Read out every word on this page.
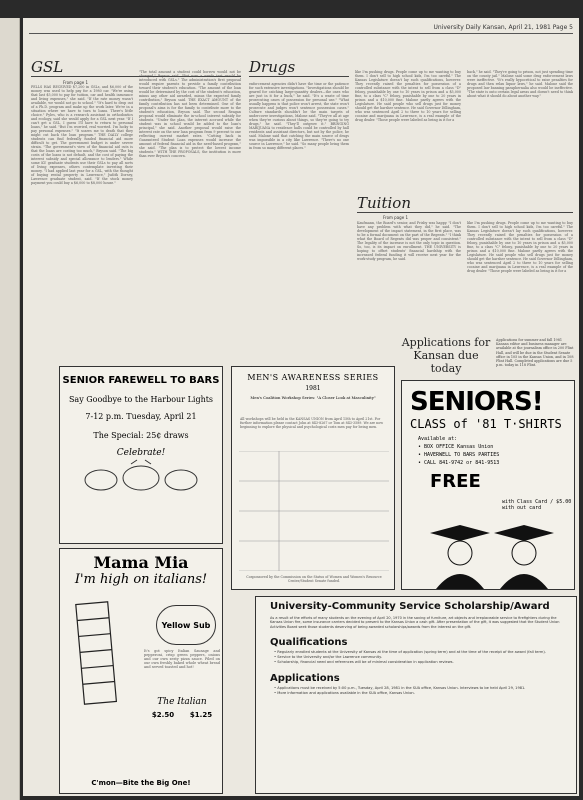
University Daily Kansan, April 21, 1981 Page 5
GSL
From page 1
PELLS HAS RECEIVED $7,200 in GSLs, and $6,000 of the money was used to help pay for a 1980 car. "We're using that last $5,000 to pay for tuition, car and health insurance and living expenses," she said. "If the rate money wasn't available, we would not go to school." "It's hard to drop out of a Ph.D. program and make up the work later. We're in a situation where we have to turn to loans. There's little choice." Pyles, who is a research assistant in orthodontics and ecology, said she would apply for a GSL next year. "If I can't get a GSL, I guess I'll have to return to personal loans," he said. "But I'm worried, real worried. I'm lucky to pay personal expenses." "It scares me to death that they might cut back the loan program." THE DAILY college students can find federally funded financial aid more difficult to get. The government budget is under severe strain. "The government's view of the financial aid cuts is that the loans are costing too much," Bryson said. "The big costs of the loans is not default, and the cost of paying the interest subsidy and special allowance to lenders." While some KU graduate students use their GSLs to pay all sorts of living expenses, others contemplate investing their money. "I had applied last year for a GSL, with the thought of buying rental property in Lawrence," Judith Dorsey, Lawrence graduate student, said. "If the stock money payment you could buy a $6,000 to $8,000 house."
"The total amount a student could borrow would not be changed," Bryson said. "But now a needs test would be introduced with GSLs." The administration's first proposal would require parents to provide a family contribution toward their student's education. "The amount of the loan would be determined by the cost of the student's education, minus any other aid awarded, minus the expected family contribution," Bryson said. THE EXACT AMOUNT of the family contribution has not been determined. One of the proposal's aims is for the family to contribute more to the student's education, Bryson said. The second Reagan proposal would eliminate the in-school interest subsidy for students. "Under the plan, the interest accrued while the student was in school would be added to the loan's principal," she said. Another proposal would raise the interest rate on the new loan program from 9 percent to one reflecting current market rates. "Cutting back in Guaranteed Student Loan expenses would increase the amount of federal financial aid in the need-based program," she said. "The plan is to protect the lowest income students." WITH THE PROPOSALS, the institution is more than ever Bryson's concern.
Drugs
enforcement agencies didn't have the time or the patience for such extensive investigations. "Investigations should be geared for catching large-quantity dealers—the ones who are just in it for a buck," he said. "It's a waste of time prosecuting cases of possession for personal use." "What usually happens is that police won't arrest, the state won't prosecute and judges won't sentence possession cases." Culture standards shouldn't be the main targets of undercover investigations, Malone said. "They're all at age when they're curious about things, so they're going to try drugs," he said. "They'll outgrow it." BRINGING MARIJUANA to residence halls could be controlled by hall residents and assistant directors, but not by the police, he said. Malone said that catching the main source of drugs was impossible in a city like Lawrence. "There's no one source in Lawrence," he said. "So many people bring them in from so many different places."
like I'm pushing drugs. People come up to me wanting to buy them. I don't sell to high school kids, I'm too careful." The Kansas Legislature doesn't lay such qualifications, however. They recently raised the penalties for possession of a controlled substance with the intent to sell from a class "D" felony, punishable by one to 10 years in prison and a $5,000 fine, to a class "C" felony, punishable by one to 20 years in prison and a $10,000 fine. Malone partly agrees with the Legislature. He said people who sell drugs just for money should get the harsher sentence. He said Governor Dillingham, who was sentenced April 2 to three to 10 years for selling cocaine and marijuana in Lawrence, is a real example of the drug dealer. "Those people were labeled as being in it for a
back," he said. "They're going to prison, not just spending time on the county jail." Malone said some drug enforcement laws were ineffective. "It's really hypocritical to raise penalties for drugs and then relax liquor laws," he said. Malone said the proposed law banning paraphernalia also would be ineffective. "The state is onto certain legal areas and doesn't need to think about what it should do about another way."
Tuition
From page 1
Kaufmann, the Board's senior, and Frisby was happy. "I don't have any problem with what they did," he said. "The development of the impact statement, in the first place, was to be a formal document on the part of the Regents." "I think what the Board of Regents did was proper and consistent." The legality of the increase is not the only topic in question. So, too, is its impact on enrollment. THE UNIVERSITY is hoping to offset students' financial hardship with the increased federal funding it will receive next year for the work-study program, he said.
like I'm pushing drugs. People come up to me wanting to buy them. I don't sell to high school kids, I'm too careful." The Kansas Legislature doesn't lay such qualifications, however. They recently raised the penalties for possession of a controlled substance with the intent to sell from a class "D" felony, punishable by one to 10 years in prison and a $5,000 fine, to a class "C" felony, punishable by one to 20 years in prison and a $10,000 fine. Malone partly agrees with the Legislature. He said people who sell drugs just for money should get the harsher sentence. He said Governor Dillingham, who was sentenced April 2 to three to 10 years for selling cocaine and marijuana in Lawrence, is a real example of the drug dealer. "Those people were labeled as being in it for a
Applications for Kansan due today
Applications for summer and fall 1981 Kansan editor and business manager are available at the journalism office in 200 Flint Hall, and will be due in the Student Senate office in 105 in the Kansas Union, and in 108 Flint Hall. Completed applications are due 5 p.m. today in 118 Flint.
SENIOR FAREWELL TO BARS
Say Goodbye to the Harbour Lights
7-12 p.m. Tuesday, April 21
The Special: 25¢ draws
Celebrate!
Mama Mia
I'm high on italians!
Yellow Sub
It's got spicy Italian Sausage and pepperoni, crisp green peppers, onions and our own zesty pizza sauce. Piled on our own freshly baked whole wheat bread and served toasted and hot!
The Italian
$2.50	$1.25
C'mon—Bite the Big One!
MEN'S AWARENESS SERIES
1981
Men's Coalition Workshop Series: "A Closer Look at Masculinity"
All workshops will be held in the KANSAS UNION from April 15th to April 21st. For further information please contact John at 843-8267 or Tom at 843-3589. We are now beginning to explore the physical and psychological costs men pay for being men.
Cosponsored by the Commission on the Status of Women and Women's Resource Center/Student Senate funded.
SENIORS!
CLASS of '81 T·SHIRTS
Available at:
• BOX OFFICE Kansas Union
• HAVERWELL TO BARS PARTIES
• CALL 841-9742 or 841-9513
FREE
with Class Card / $5.00 with out card
University-Community Service Scholarship/Award
As a result of the efforts of many students on the evening of April 20, 1970 in the saving of furniture, art objects and irreplaceable service to firefighters during the Kansas Union fire, some insurance carriers decided to present to the Kansas Union a cash gift. After presentation of the gift, it was suggested that the Student Union Activities Board seek those students deserving of being awarded scholarships/awards from the interest on the gift.
Qualifications
• Regularly enrolled students at the University of Kansas at the time of application (spring term) and at the time of the receipt of the award (fall term).
• Service to the University and/or the Lawrence community.
• Scholarship, financial need and references will be of minimal consideration in application reviews.
Applications
• Applications must be received by 5:00 p.m., Tuesday, April 28, 1981 in the SUA office, Kansas Union. Interviews to be held April 29, 1981.
• More information and applications available in the SUA office, Kansas Union.
